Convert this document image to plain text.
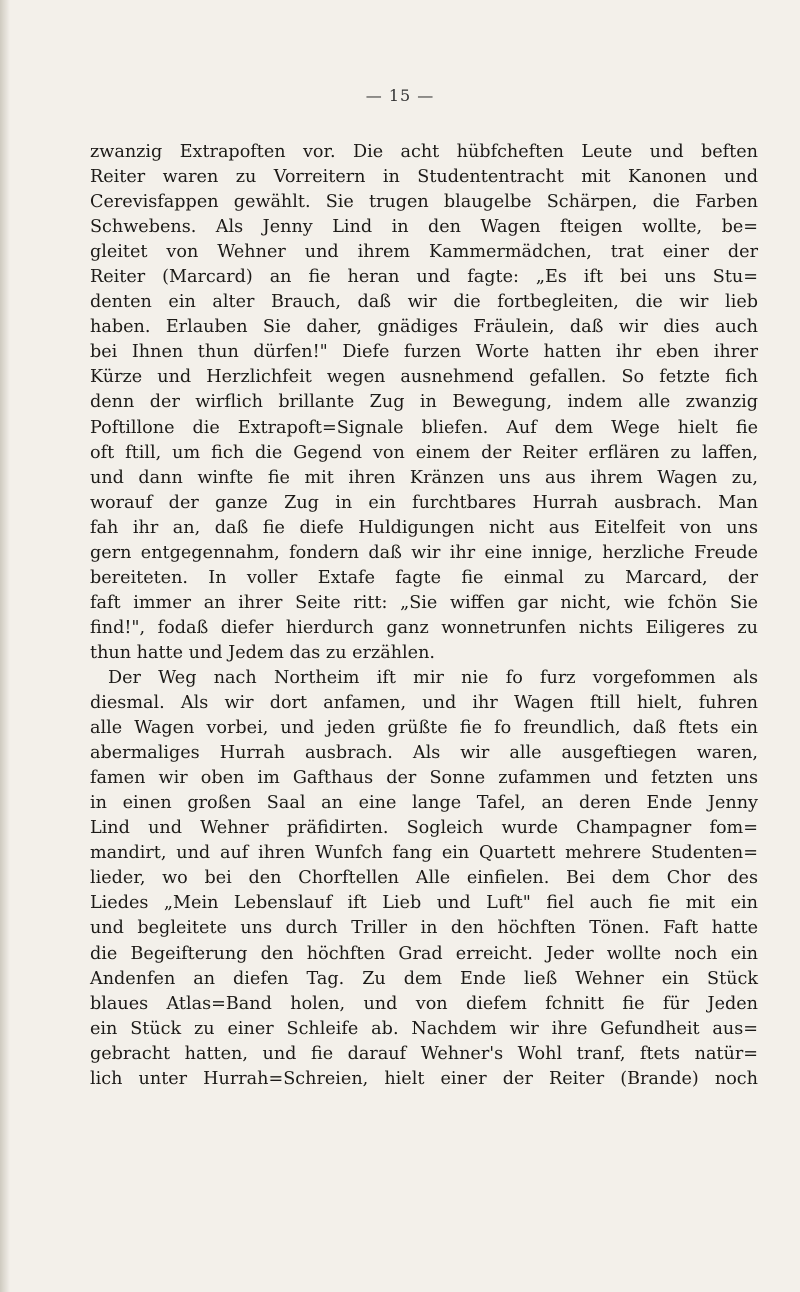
— 15 —
zwanzig Extrapoften vor. Die acht hübfcheften Leute und beften
Reiter waren zu Vorreitern in Studententracht mit Kanonen und
Cerevisfappen gewählt. Sie trugen blaugelbe Schärpen, die Farben
Schwebens. Als Jenny Lind in den Wagen fteigen wollte, be=
gleitet von Wehner und ihrem Kammermädchen, trat einer der
Reiter (Marcard) an fie heran und fagte: „Es ift bei uns Stu=
denten ein alter Brauch, daß wir die fortbegleiten, die wir lieb
haben. Erlauben Sie daher, gnädiges Fräulein, daß wir dies auch
bei Ihnen thun dürfen!" Diefe furzen Worte hatten ihr eben ihrer
Kürze und Herzlichfeit wegen ausnehmend gefallen. So fetzte fich
denn der wirflich brillante Zug in Bewegung, indem alle zwanzig
Poftillone die Extrapoft=Signale bliefen. Auf dem Wege hielt fie
oft ftill, um fich die Gegend von einem der Reiter erflären zu laffen,
und dann winfte fie mit ihren Kränzen uns aus ihrem Wagen zu,
worauf der ganze Zug in ein furchtbares Hurrah ausbrach. Man
fah ihr an, daß fie diefe Huldigungen nicht aus Eitelfeit von uns
gern entgegennahm, fondern daß wir ihr eine innige, herzliche Freude
bereiteten. In voller Extafe fagte fie einmal zu Marcard, der
faft immer an ihrer Seite ritt: „Sie wiffen gar nicht, wie fchön Sie
find!", fodaß diefer hierdurch ganz wonnetrunfen nichts Eiligeres zu
thun hatte und Jedem das zu erzählen.
Der Weg nach Northeim ift mir nie fo furz vorgefommen als
diesmal. Als wir dort anfamen, und ihr Wagen ftill hielt, fuhren
alle Wagen vorbei, und jeden grüßte fie fo freundlich, daß ftets ein
abermaliges Hurrah ausbrach. Als wir alle ausgeftiegen waren,
famen wir oben im Gafthaus der Sonne zufammen und fetzten uns
in einen großen Saal an eine lange Tafel, an deren Ende Jenny
Lind und Wehner präfidirten. Sogleich wurde Champagner fom=
mandirt, und auf ihren Wunfch fang ein Quartett mehrere Studenten=
lieder, wo bei den Chorftellen Alle einfielen. Bei dem Chor des
Liedes „Mein Lebenslauf ift Lieb und Luft" fiel auch fie mit ein
und begleitete uns durch Triller in den höchften Tönen. Faft hatte
die Begeifterung den höchften Grad erreicht. Jeder wollte noch ein
Andenfen an diefen Tag. Zu dem Ende ließ Wehner ein Stück
blaues Atlas=Band holen, und von diefem fchnitt fie für Jeden
ein Stück zu einer Schleife ab. Nachdem wir ihre Gefundheit aus=
gebracht hatten, und fie darauf Wehner's Wohl tranf, ftets natür=
lich unter Hurrah=Schreien, hielt einer der Reiter (Brande) noch
